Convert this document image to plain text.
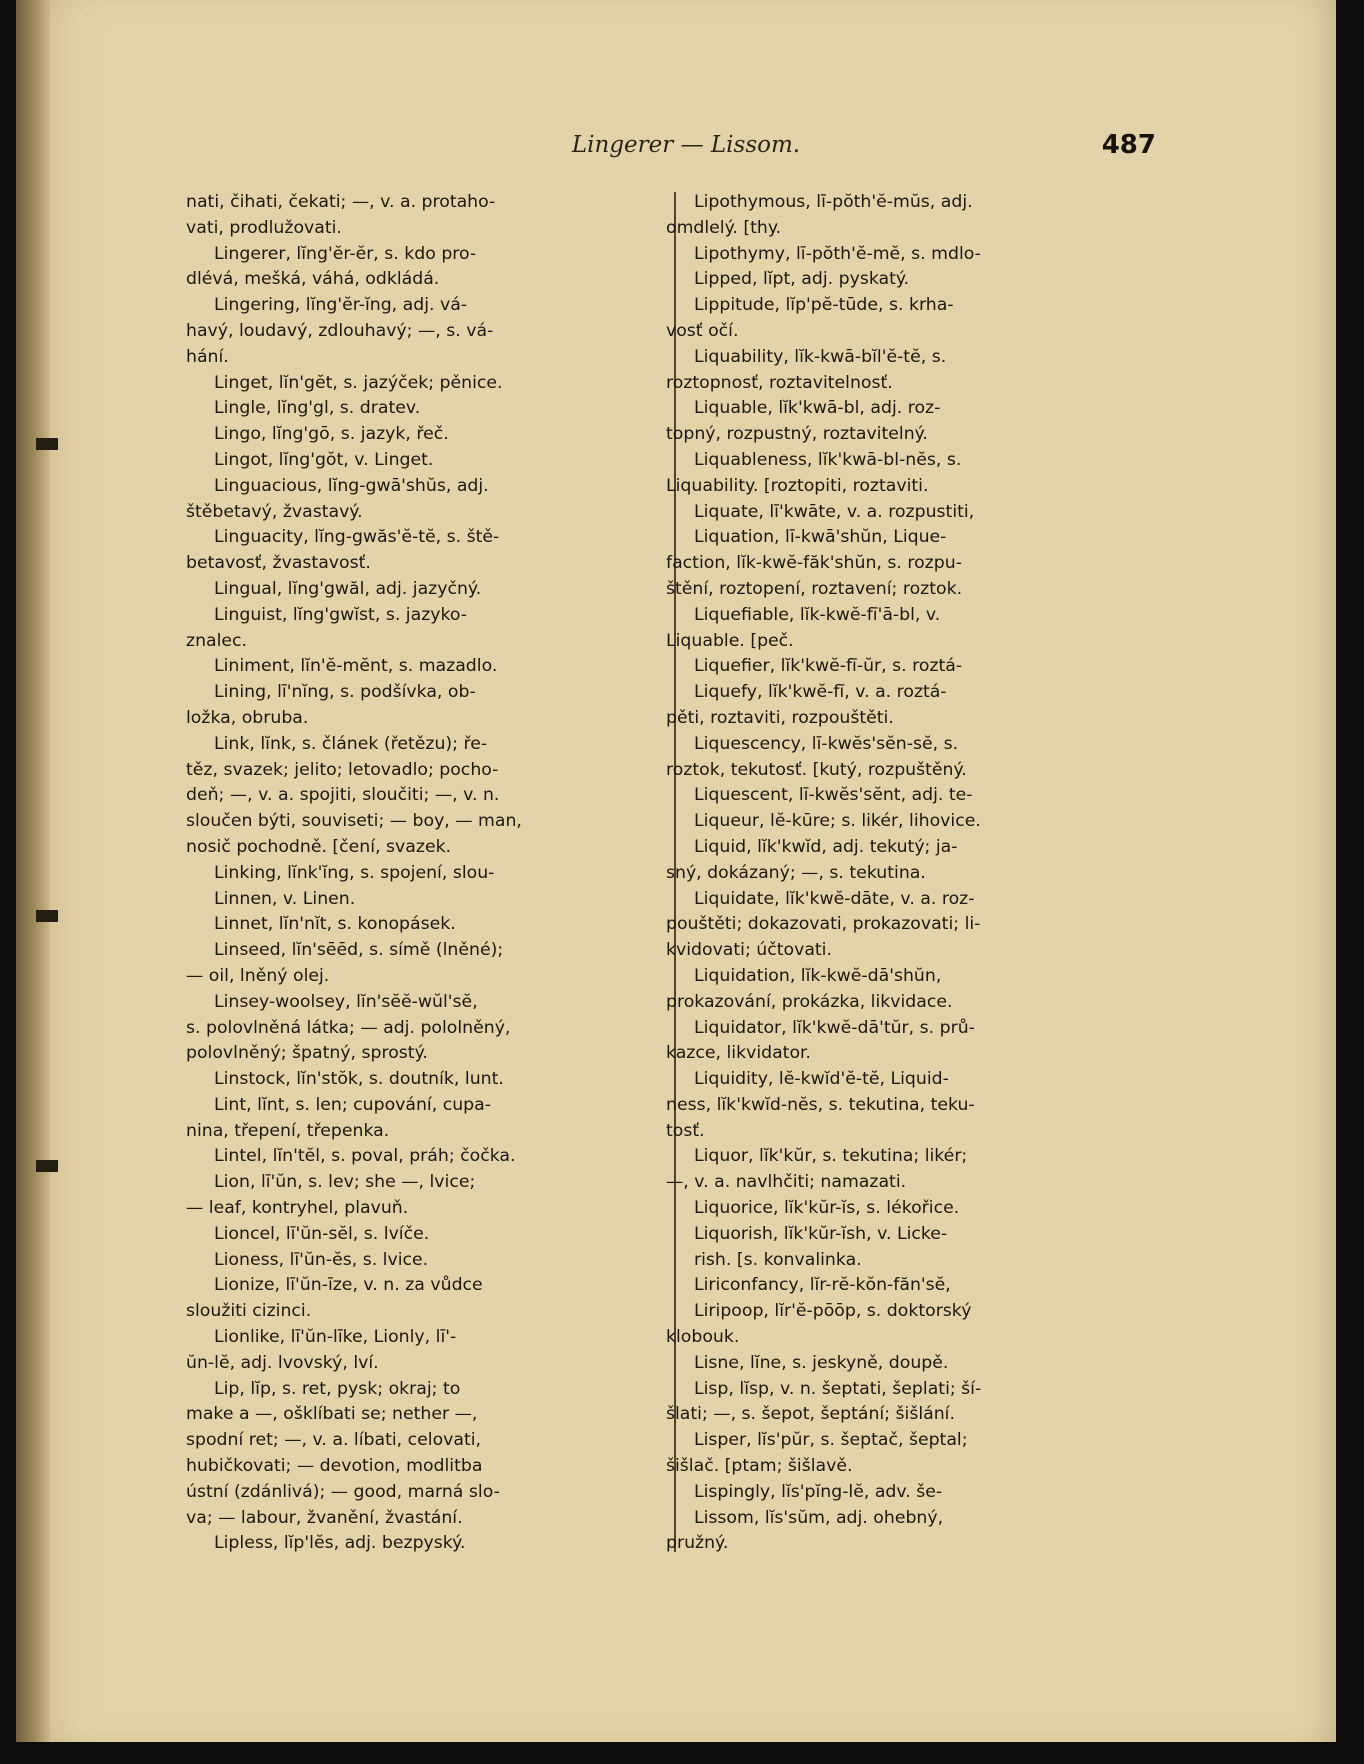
Lingerer — Lissom.	487
nati, čihati, čekati; —, v. a. protaho-
vati, prodlužovati.
Lingerer, lĭng'ĕr-ĕr, s. kdo pro-
dlévá, mešká, váhá, odkládá.
Lingering, lĭng'ĕr-ĭng, adj. vá-
havý, loudavý, zdlouhavý; —, s. vá-
hání.
Linget, lĭn'gĕt, s. jazýček; pěnice.
Lingle, lĭng'gl, s. dratev.
Lingo, lĭng'gō, s. jazyk, řeč.
Lingot, lĭng'gŏt, v. Linget.
Linguacious, lĭng-gwā'shŭs, adj.
štěbetavý, žvastavý.
Linguacity, lĭng-gwăs'ĕ-tĕ, s. ště-
betavosť, žvastavosť.
Lingual, lĭng'gwăl, adj. jazyčný.
Linguist, lĭng'gwĭst, s. jazyko-
znalec.
Liniment, lĭn'ĕ-mĕnt, s. mazadlo.
Lining, lī'nĭng, s. podšívka, ob-
ložka, obruba.
Link, lĭnk, s. článek (řetězu); ře-
těz, svazek; jelito; letovadlo; pocho-
deň; —, v. a. spojiti, sloučiti; —, v. n.
sloučen býti, souviseti; — boy, — man,
nosič pochodně. [čení, svazek.
Linking, lĭnk'ĭng, s. spojení, slou-
Linnen, v. Linen.
Linnet, lĭn'nĭt, s. konopásek.
Linseed, lĭn'sēēd, s. símě (lněné);
— oil, lněný olej.
Linsey-woolsey, lĭn'sĕĕ-wŭl'sĕ,
s. polovlněná látka; — adj. pololněný,
polovlněný; špatný, sprostý.
Linstock, lĭn'stŏk, s. doutník, lunt.
Lint, lĭnt, s. len; cupování, cupa-
nina, třepení, třepenka.
Lintel, lĭn'tĕl, s. poval, práh; čočka.
Lion, lī'ŭn, s. lev; she —, lvice;
— leaf, kontryhel, plavuň.
Lioncel, lī'ŭn-sĕl, s. lvíče.
Lioness, lī'ŭn-ĕs, s. lvice.
Lionize, lī'ŭn-īze, v. n. za vůdce
sloužiti cizinci.
Lionlike, lī'ŭn-līke, Lionly, lī'-
ŭn-lĕ, adj. lvovský, lví.
Lip, lĭp, s. ret, pysk; okraj; to
make a —, ošklíbati se; nether —,
spodní ret; —, v. a. líbati, celovati,
hubičkovati; — devotion, modlitba
ústní (zdánlivá); — good, marná slo-
va; — labour, žvanění, žvastání.
Lipless, lĭp'lĕs, adj. bezpyský.
Lipothymous, lī-pŏth'ĕ-mŭs, adj.
omdlelý. [thy.
Lipothymy, lī-pŏth'ĕ-mĕ, s. mdlo-
Lipped, lĭpt, adj. pyskatý.
Lippitude, lĭp'pĕ-tūde, s. krha-
vosť očí.
Liquability, lĭk-kwā-bĭl'ĕ-tĕ, s.
roztopnosť, roztavitelnosť.
Liquable, lĭk'kwā-bl, adj. roz-
topný, rozpustný, roztavitelný.
Liquableness, lĭk'kwā-bl-nĕs, s.
Liquability. [roztopiti, roztaviti.
Liquate, lī'kwāte, v. a. rozpustiti,
Liquation, lī-kwā'shŭn, Lique-
faction, lĭk-kwĕ-făk'shŭn, s. rozpu-
štění, roztopení, roztavení; roztok.
Liquefiable, lĭk-kwĕ-fī'ā-bl, v.
Liquable. [peč.
Liquefier, lĭk'kwĕ-fī-ŭr, s. roztá-
Liquefy, lĭk'kwĕ-fī, v. a. roztá-
pěti, roztaviti, rozpouštěti.
Liquescency, lī-kwĕs'sĕn-sĕ, s.
roztok, tekutosť. [kutý, rozpuštěný.
Liquescent, lī-kwĕs'sĕnt, adj. te-
Liqueur, lĕ-kūre; s. likér, lihovice.
Liquid, lĭk'kwĭd, adj. tekutý; ja-
sný, dokázaný; —, s. tekutina.
Liquidate, lĭk'kwĕ-dāte, v. a. roz-
pouštěti; dokazovati, prokazovati; li-
kvidovati; účtovati.
Liquidation, lĭk-kwĕ-dā'shŭn,
prokazování, prokázka, likvidace.
Liquidator, lĭk'kwĕ-dā'tŭr, s. prů-
kazce, likvidator.
Liquidity, lĕ-kwĭd'ĕ-tĕ, Liquid-
ness, lĭk'kwĭd-nĕs, s. tekutina, teku-
tosť.
Liquor, lĭk'kŭr, s. tekutina; likér;
—, v. a. navlhčiti; namazati.
Liquorice, lĭk'kŭr-ĭs, s. lékořice.
Liquorish, lĭk'kŭr-ĭsh, v. Licke-
rish. [s. konvalinka.
Liriconfancy, lĭr-rĕ-kŏn-făn'sĕ,
Liripoop, lĭr'ĕ-pōōp, s. doktorský
klobouk.
Lisne, lĭne, s. jeskyně, doupě.
Lisp, lĭsp, v. n. šeptati, šeplati; ší-
šlati; —, s. šepot, šeptání; šišlání.
Lisper, lĭs'pŭr, s. šeptač, šeptal;
šišlač. [ptam; šišlavě.
Lispingly, lĭs'pĭng-lĕ, adv. še-
Lissom, lĭs'sŭm, adj. ohebný,
pružný.
